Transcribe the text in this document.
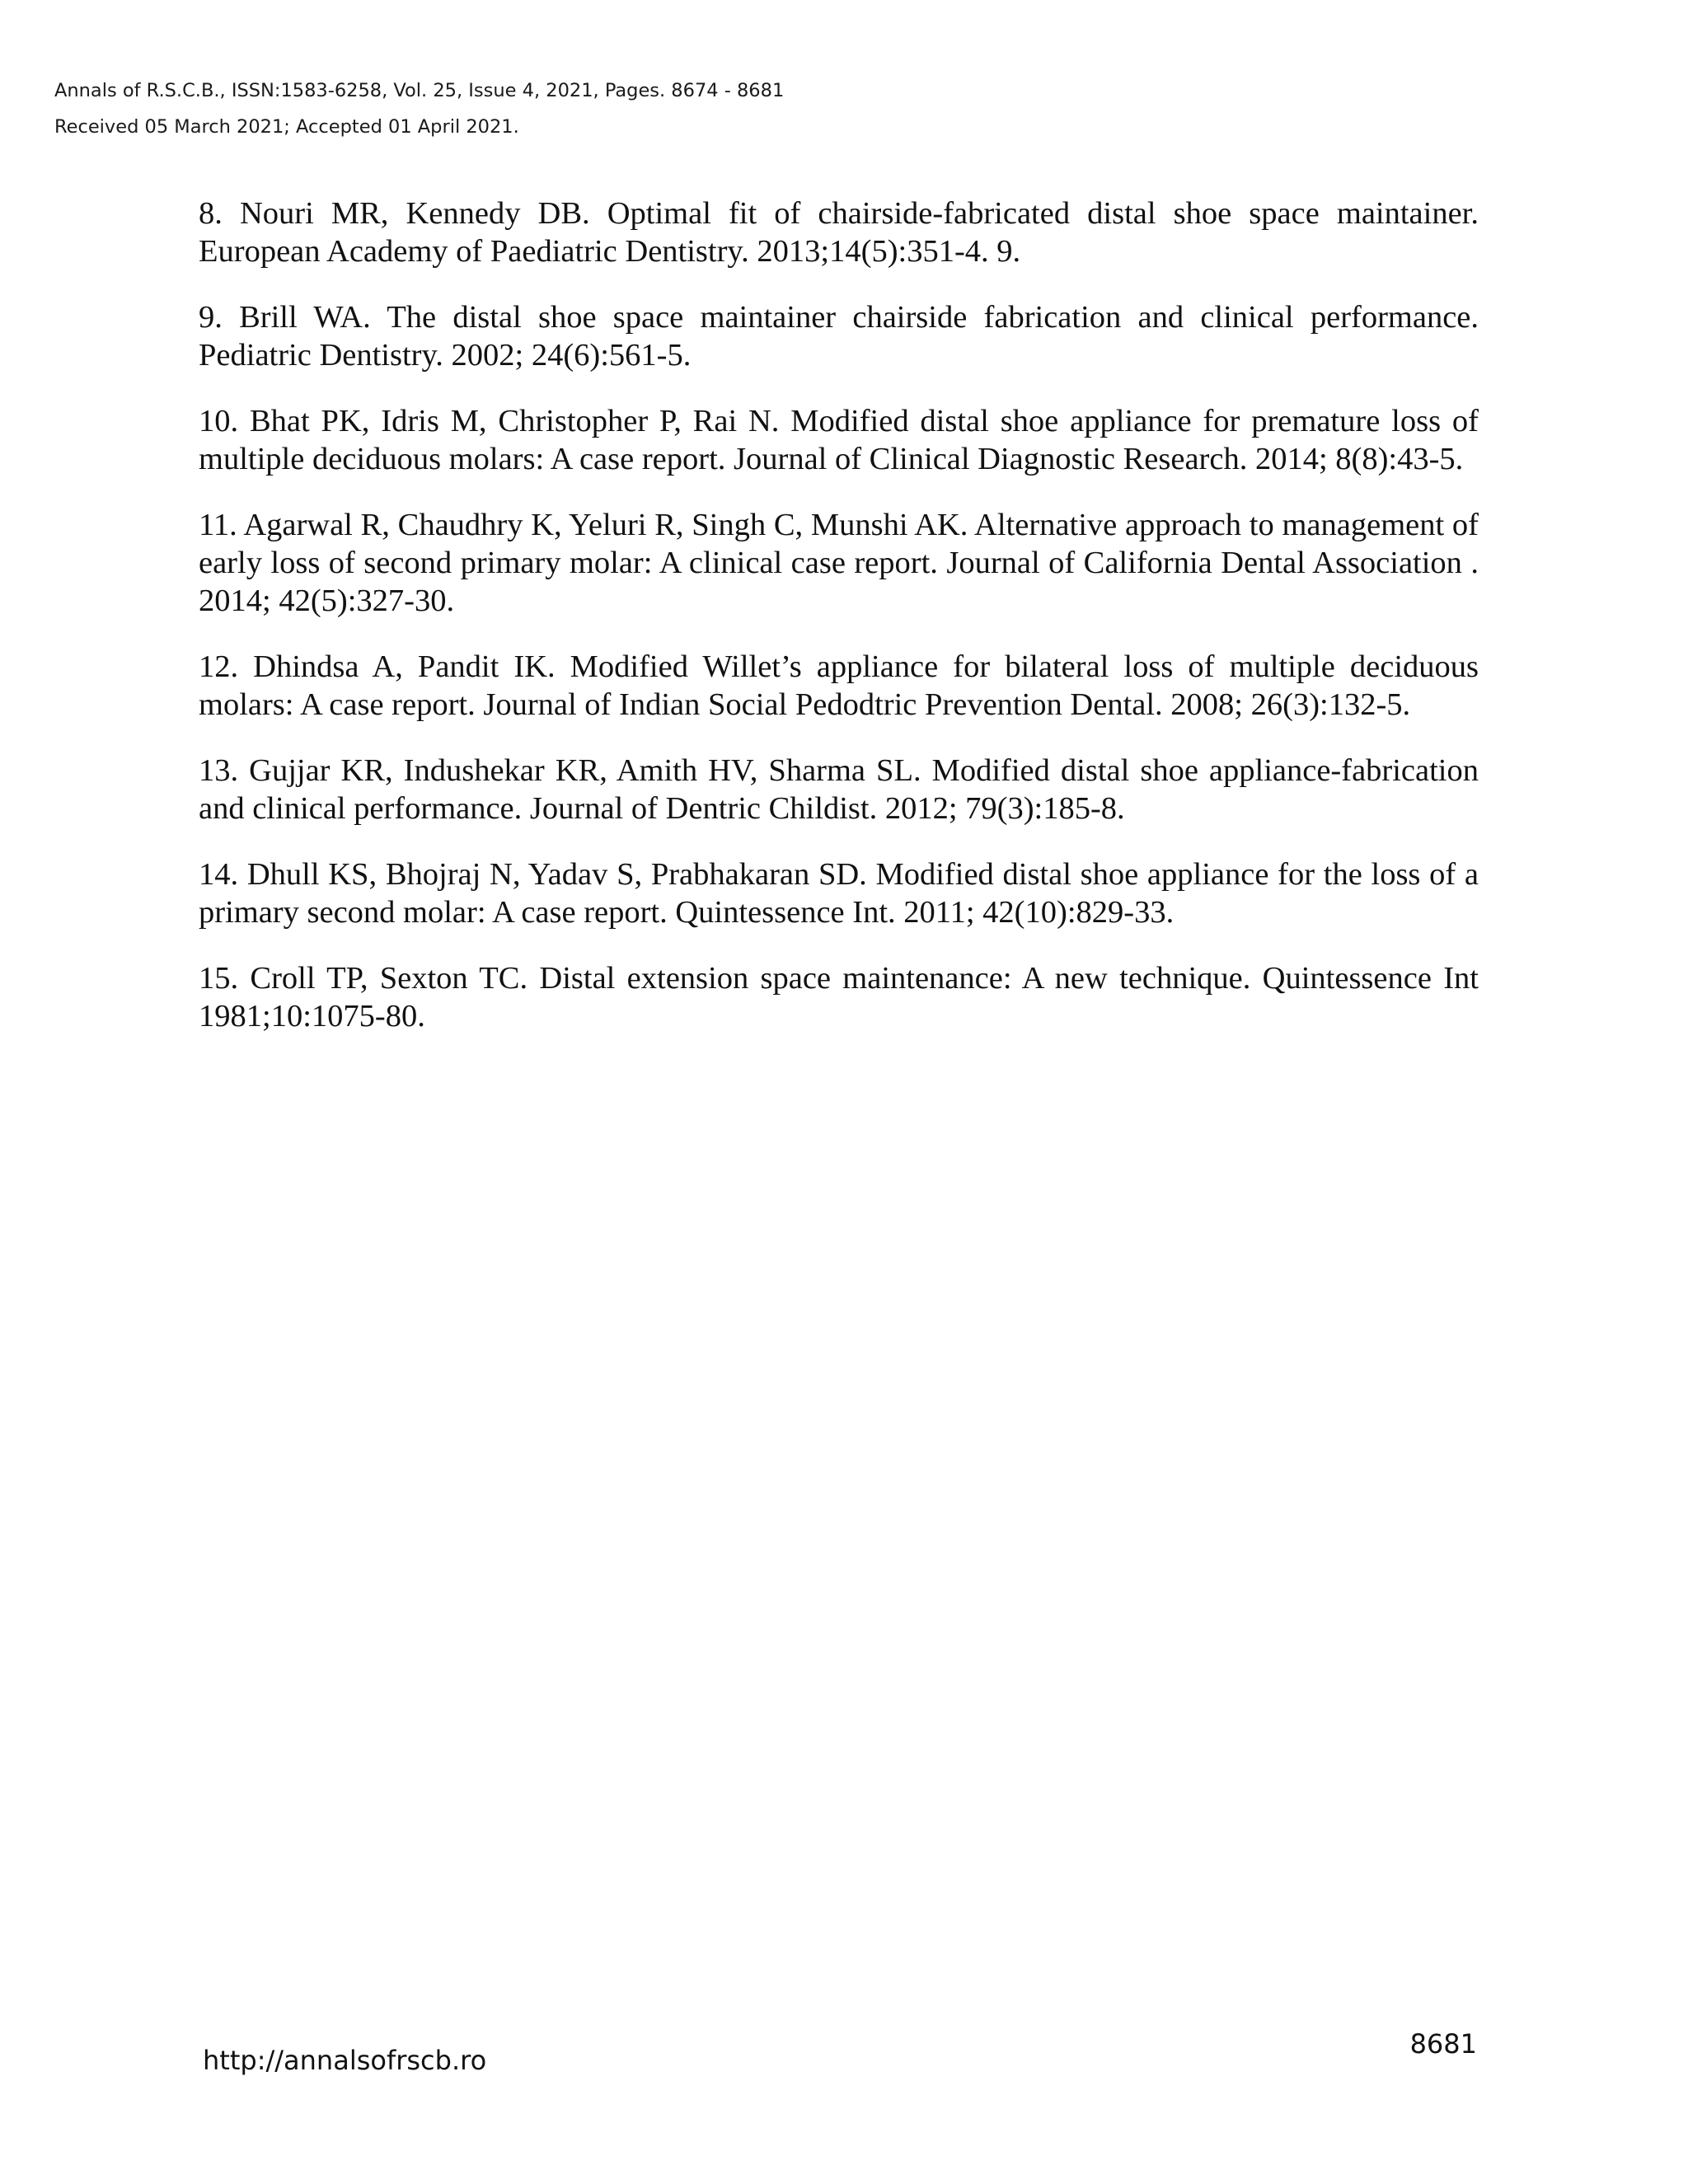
Annals of R.S.C.B., ISSN:1583-6258, Vol. 25, Issue 4, 2021, Pages. 8674 - 8681
Received 05 March 2021; Accepted 01 April 2021.

8. Nouri MR, Kennedy DB. Optimal fit of chairside-fabricated distal shoe space maintainer. European Academy of Paediatric Dentistry. 2013;14(5):351-4. 9.

9. Brill WA. The distal shoe space maintainer chairside fabrication and clinical performance. Pediatric Dentistry. 2002; 24(6):561-5.

10. Bhat PK, Idris M, Christopher P, Rai N. Modified distal shoe appliance for premature loss of multiple deciduous molars: A case report. Journal of Clinical Diagnostic Research. 2014; 8(8):43-5.

11. Agarwal R, Chaudhry K, Yeluri R, Singh C, Munshi AK. Alternative approach to management of early loss of second primary molar: A clinical case report. Journal of California Dental Association . 2014; 42(5):327-30.

12. Dhindsa A, Pandit IK. Modified Willet’s appliance for bilateral loss of multiple deciduous molars: A case report. Journal of Indian Social Pedodtric Prevention Dental. 2008; 26(3):132-5.

13. Gujjar KR, Indushekar KR, Amith HV, Sharma SL. Modified distal shoe appliance-fabrication and clinical performance. Journal of Dentric Childist. 2012; 79(3):185-8.

14. Dhull KS, Bhojraj N, Yadav S, Prabhakaran SD. Modified distal shoe appliance for the loss of a primary second molar: A case report. Quintessence Int. 2011; 42(10):829-33.

15. Croll TP, Sexton TC. Distal extension space maintenance: A new technique. Quintessence Int 1981;10:1075-80.

http://annalsofrscb.ro
8681
